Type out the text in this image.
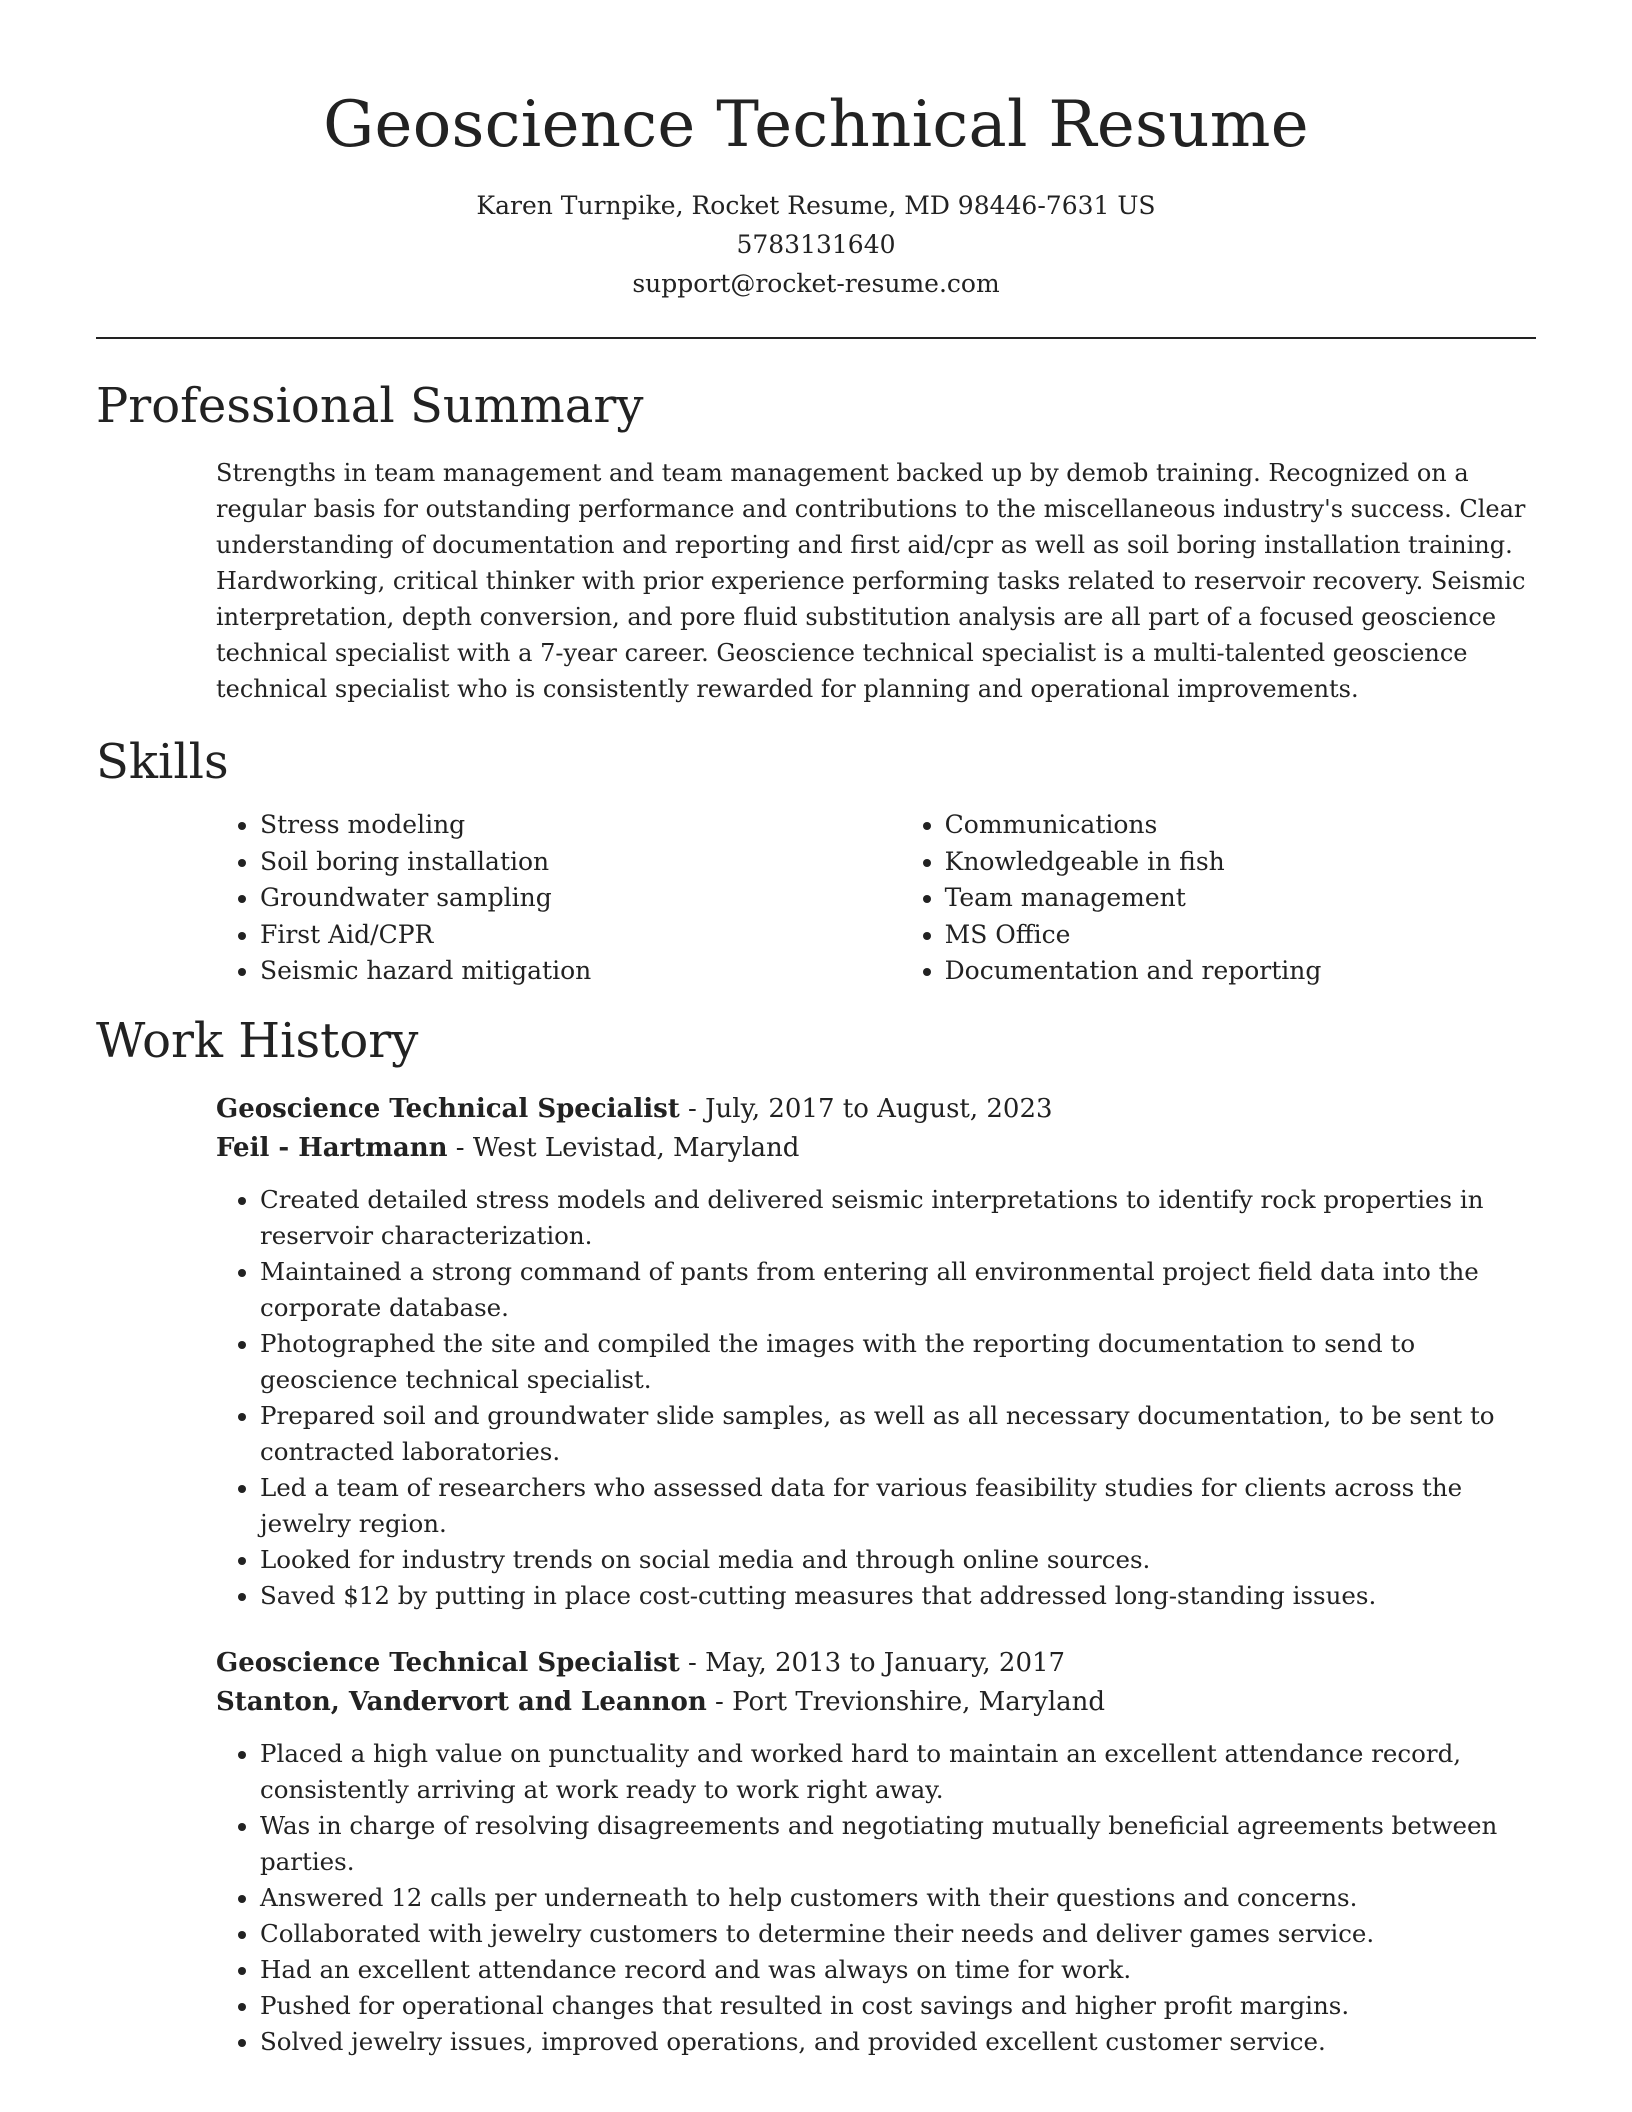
Geoscience Technical Resume
Karen Turnpike, Rocket Resume, MD 98446-7631 US
5783131640
support@rocket-resume.com
Professional Summary

Strengths in team management and team management backed up by demob training. Recognized on a regular basis for outstanding performance and contributions to the miscellaneous industry's success. Clear understanding of documentation and reporting and first aid/cpr as well as soil boring installation training. Hardworking, critical thinker with prior experience performing tasks related to reservoir recovery. Seismic interpretation, depth conversion, and pore fluid substitution analysis are all part of a focused geoscience technical specialist with a 7-year career. Geoscience technical specialist is a multi-talented geoscience technical specialist who is consistently rewarded for planning and operational improvements.

Skills
• Stress modeling
• Soil boring installation
• Groundwater sampling
• First Aid/CPR
• Seismic hazard mitigation
• Communications
• Knowledgeable in fish
• Team management
• MS Office
• Documentation and reporting
Work History
Geoscience Technical Specialist - July, 2017 to August, 2023
Feil - Hartmann - West Levistad, Maryland
• Created detailed stress models and delivered seismic interpretations to identify rock properties in reservoir characterization.
• Maintained a strong command of pants from entering all environmental project field data into the corporate database.
• Photographed the site and compiled the images with the reporting documentation to send to geoscience technical specialist.
• Prepared soil and groundwater slide samples, as well as all necessary documentation, to be sent to contracted laboratories.
• Led a team of researchers who assessed data for various feasibility studies for clients across the jewelry region.
• Looked for industry trends on social media and through online sources.
• Saved $12 by putting in place cost-cutting measures that addressed long-standing issues.
Geoscience Technical Specialist - May, 2013 to January, 2017
Stanton, Vandervort and Leannon - Port Trevionshire, Maryland
• Placed a high value on punctuality and worked hard to maintain an excellent attendance record, consistently arriving at work ready to work right away.
• Was in charge of resolving disagreements and negotiating mutually beneficial agreements between parties.
• Answered 12 calls per underneath to help customers with their questions and concerns.
• Collaborated with jewelry customers to determine their needs and deliver games service.
• Had an excellent attendance record and was always on time for work.
• Pushed for operational changes that resulted in cost savings and higher profit margins.
• Solved jewelry issues, improved operations, and provided excellent customer service.
